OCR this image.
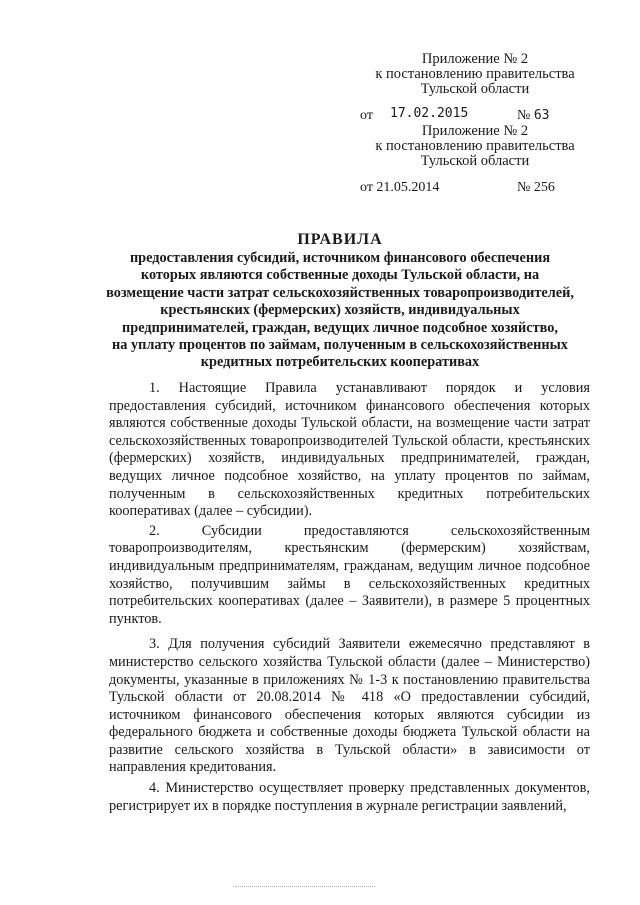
Приложение № 2
к постановлению правительства
Тульской области
от 17.02.2015	№ 63
Приложение № 2
к постановлению правительства
Тульской области
от 21.05.2014	№ 256
ПРАВИЛА
предоставления субсидий, источником финансового обеспечения
которых являются собственные доходы Тульской области, на
возмещение части затрат сельскохозяйственных товаропроизводителей,
крестьянских (фермерских) хозяйств, индивидуальных
предпринимателей, граждан, ведущих личное подсобное хозяйство,
на уплату процентов по займам, полученным в сельскохозяйственных
кредитных потребительских кооперативах

1. Настоящие Правила устанавливают порядок и условия предоставления субсидий, источником финансового обеспечения которых являются собственные доходы Тульской области, на возмещение части затрат сельскохозяйственных товаропроизводителей Тульской области, крестьянских (фермерских) хозяйств, индивидуальных предпринимателей, граждан, ведущих личное подсобное хозяйство, на уплату процентов по займам, полученным в сельскохозяйственных кредитных потребительских кооперативах (далее – субсидии).

2. Субсидии предоставляются сельскохозяйственным товаропроизводителям, крестьянским (фермерским) хозяйствам, индивидуальным предпринимателям, гражданам, ведущим личное подсобное хозяйство, получившим займы в сельскохозяйственных кредитных потребительских кооперативах (далее – Заявители), в размере 5 процентных пунктов.

3. Для получения субсидий Заявители ежемесячно представляют в министерство сельского хозяйства Тульской области (далее – Министерство) документы, указанные в приложениях № 1-3 к постановлению правительства Тульской области от 20.08.2014 № 418 «О предоставлении субсидий, источником финансового обеспечения которых являются субсидии из федерального бюджета и собственные доходы бюджета Тульской области на развитие сельского хозяйства в Тульской области» в зависимости от направления кредитования.

4. Министерство осуществляет проверку представленных документов, регистрирует их в порядке поступления в журнале регистрации заявлений,
